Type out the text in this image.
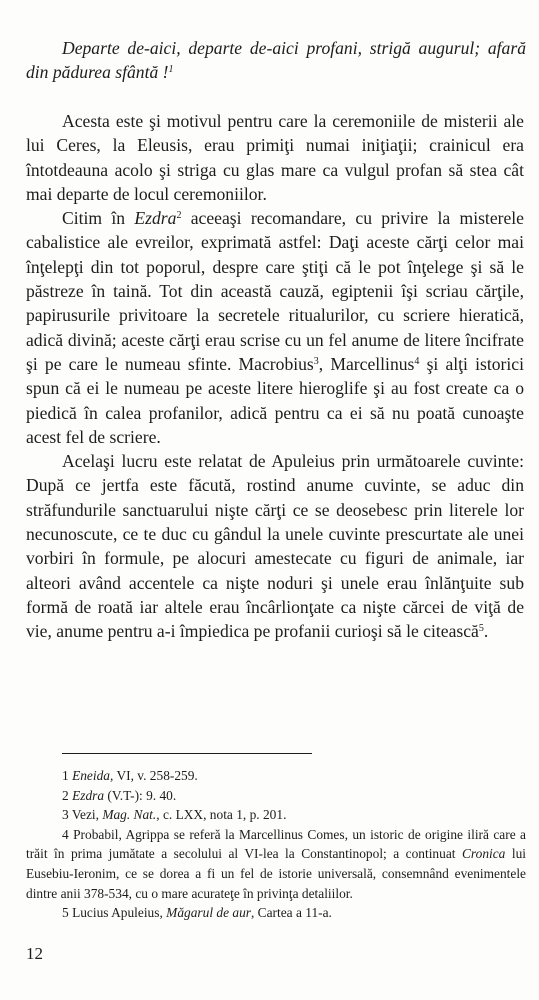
Departe de-aici, departe de-aici profani, strigă augurul; afară din pădurea sfântă !$^1$

Acesta este şi motivul pentru care la ceremoniile de misterii ale lui Ceres, la Eleusis, erau primiţi numai iniţiaţii; crainicul era întotdeauna acolo şi striga cu glas mare ca vulgul profan să stea cât mai departe de locul ceremoniilor.

Citim în Ezdra$^2$ aceeaşi recomandare, cu privire la misterele cabalistice ale evreilor, exprimată astfel: Daţi aceste cărţi celor mai înţelepţi din tot poporul, despre care ştiţi că le pot înţelege şi să le păstreze în taină. Tot din această cauză, egiptenii îşi scriau cărţile, papirusurile privitoare la secretele ritualurilor, cu scriere hieratică, adică divină; aceste cărţi erau scrise cu un fel anume de litere încifrate şi pe care le numeau sfinte. Macrobius$^3$, Marcellinus$^4$ şi alţi istorici spun că ei le numeau pe aceste litere hieroglife şi au fost create ca o piedică în calea profanilor, adică pentru ca ei să nu poată cunoaşte acest fel de scriere.

Acelaşi lucru este relatat de Apuleius prin următoarele cuvinte: După ce jertfa este făcută, rostind anume cuvinte, se aduc din străfundurile sanctuarului nişte cărţi ce se deosebesc prin literele lor necunoscute, ce te duc cu gândul la unele cuvinte prescurtate ale unei vorbiri în formule, pe alocuri amestecate cu figuri de animale, iar alteori având accentele ca nişte noduri şi unele erau înlănţuite sub formă de roată iar altele erau încârlionţate ca nişte cărcei de viţă de vie, anume pentru a-i împiedica pe profanii curioşi să le citească$^5$.

1 Eneida, VI, v. 258-259.

2 Ezdra (V.T-): 9. 40.

3 Vezi, Mag. Nat., c. LXX, nota 1, p. 201.

4 Probabil, Agrippa se referă la Marcellinus Comes, un istoric de origine iliră care a trăit în prima jumătate a secolului al VI-lea la Constantinopol; a continuat Cronica lui Eusebiu-Ieronim, ce se dorea a fi un fel de istorie universală, consemnând evenimentele dintre anii 378-534, cu o mare acurateţe în privinţa detaliilor.

5 Lucius Apuleius, Măgarul de aur, Cartea a 11-a.

12
